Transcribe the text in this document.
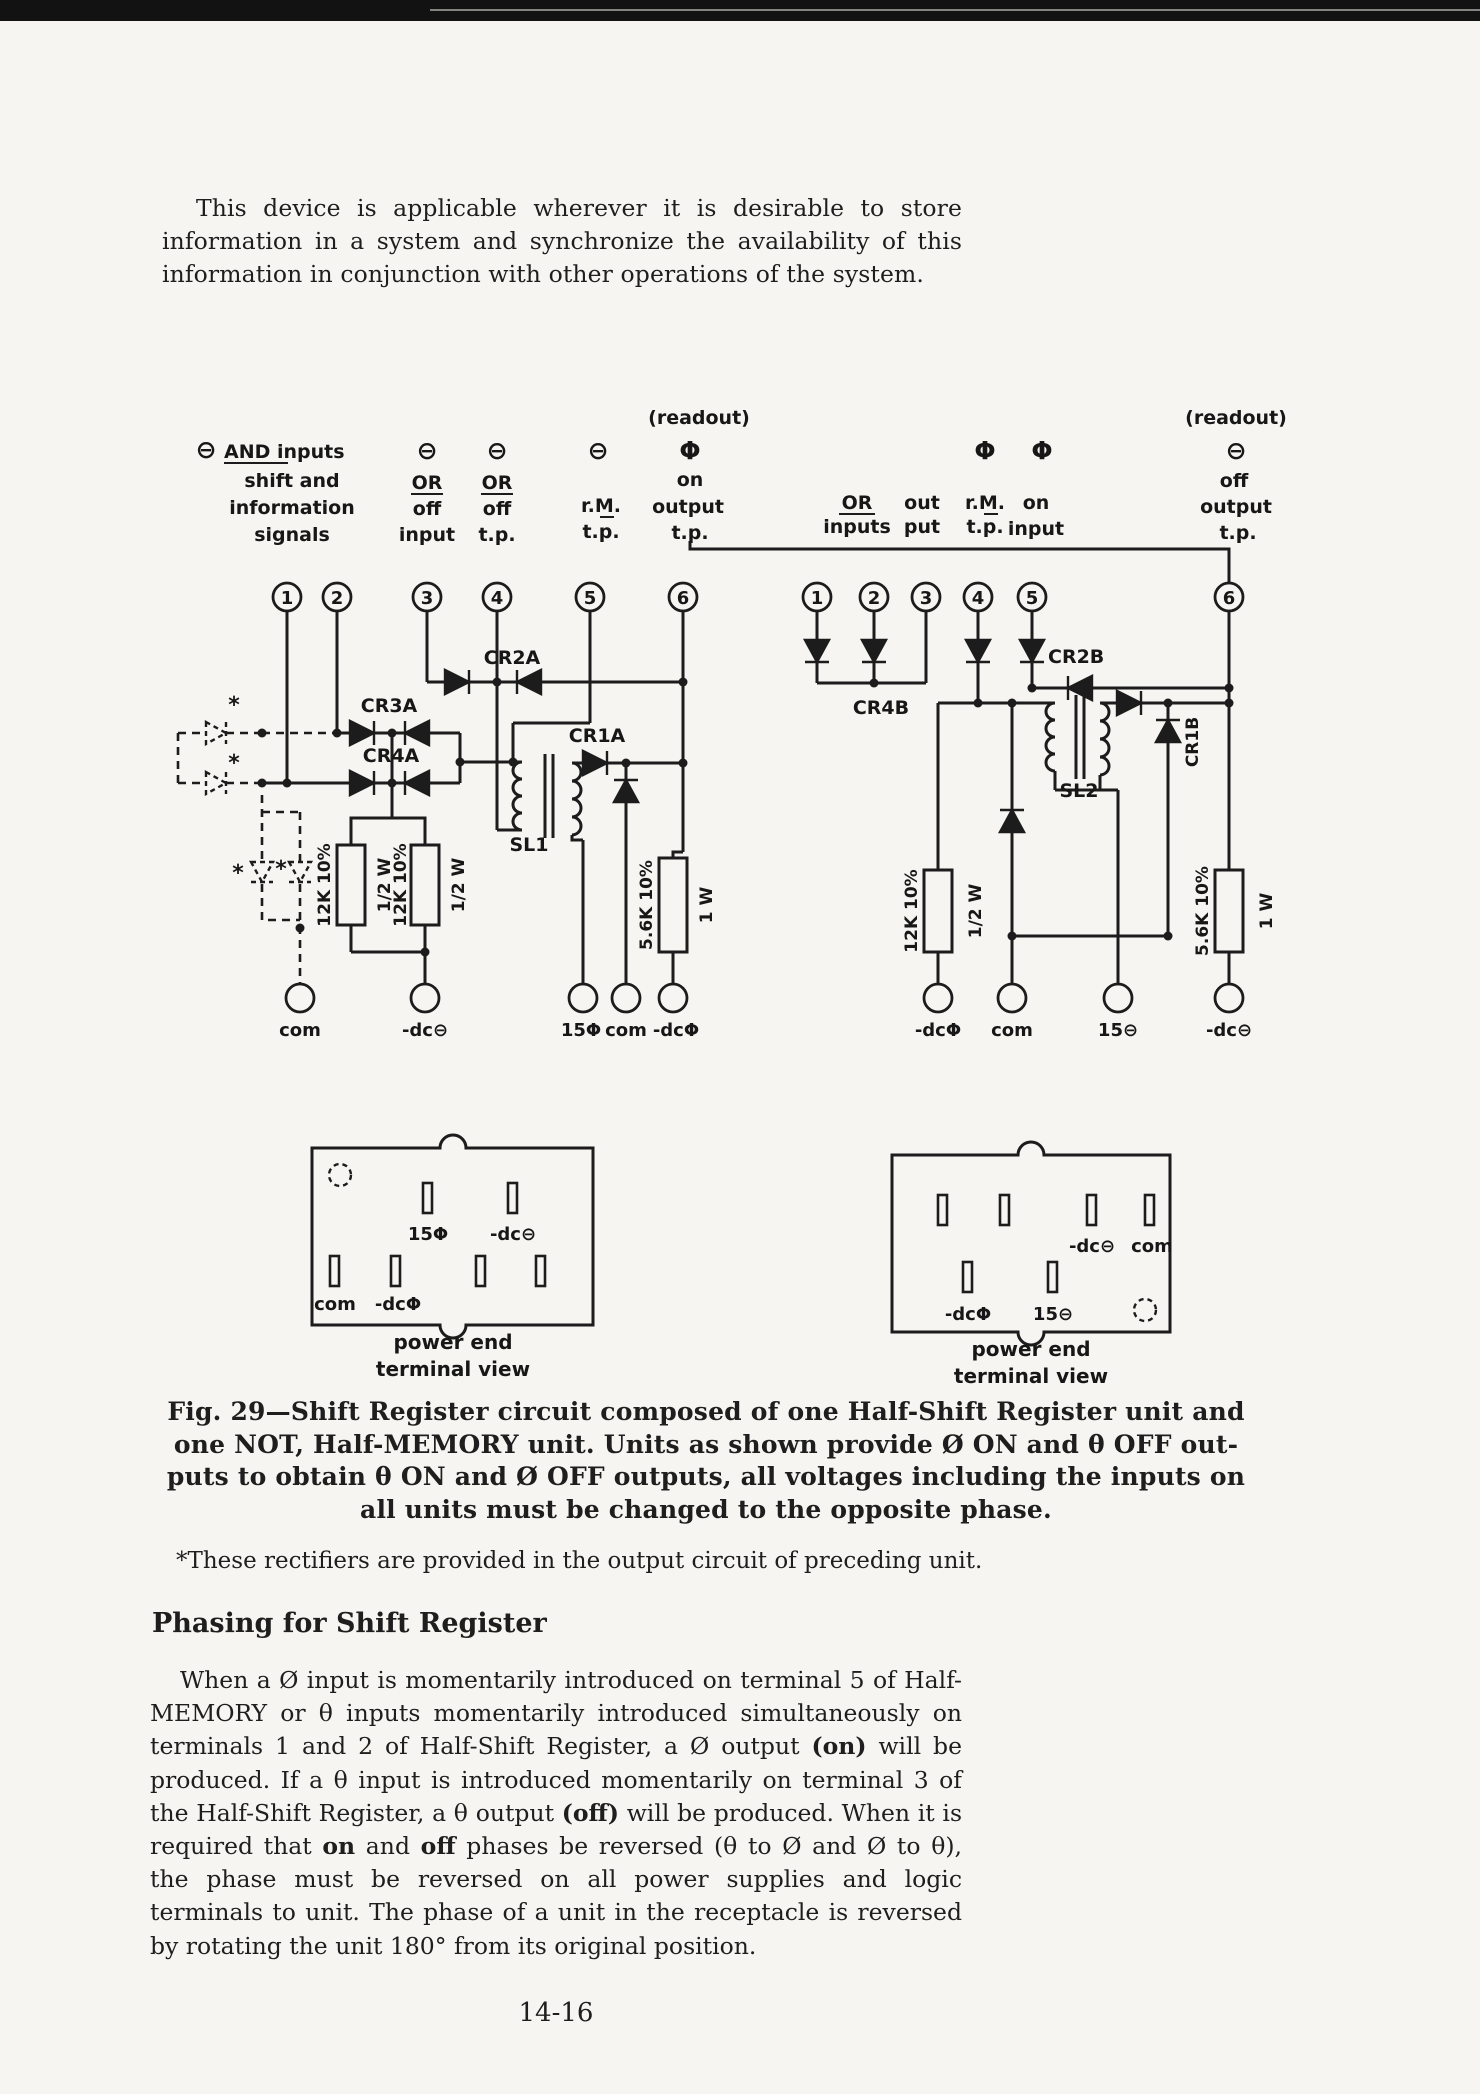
This device is applicable wherever it is desirable to store information in a system and synchronize the availability of this information in conjunction with other operations of the system.
⊖ AND inputs
shift and
information
signals
⊖
OR
off
input
⊖
OR
off
t.p.
⊖
r.M.
t.p.
(readout)
Φ
on
output
t.p.
Φ Φ
OR
inputs
out
put
r.M.
t.p.
on
input
(readout)
⊖
off
output
t.p.
1 2	3	4	5	6	1 2 3 4 5	6
*
*
* *
CR2A
CR3A
CR4A
CR1A
SL1
12K 10% 1/2 W
12K 10% 1/2 W	5.6K 10% 1 W
CR4B
CR2B
SL2
CR1B
12K 10%	1/2 W	5.6K 10%	1 W
com	-dc⊖	15Φ com -dcΦ	-dcΦ com	15⊖	-dc⊖
15Φ -dc⊖
com -dcΦ
power end
terminal view
-dc⊖ com
-dcΦ 15⊖
power end
terminal view
Fig. 29—Shift Register circuit composed of one Half-Shift Register unit and
one NOT, Half-MEMORY unit. Units as shown provide Ø ON and θ OFF out-
puts to obtain θ ON and Ø OFF outputs, all voltages including the inputs on
all units must be changed to the opposite phase.
*These rectifiers are provided in the output circuit of preceding unit.
Phasing for Shift Register
When a Ø input is momentarily introduced on terminal 5 of Half-MEMORY or θ inputs momentarily introduced simultaneously on terminals 1 and 2 of Half-Shift Register, a Ø output (on) will be produced. If a θ input is introduced momentarily on terminal 3 of the Half-Shift Register, a θ output (off) will be produced. When it is required that on and off phases be reversed (θ to Ø and Ø to θ), the phase must be reversed on all power supplies and logic terminals to unit. The phase of a unit in the receptacle is reversed by rotating the unit 180° from its original position.
14-16
